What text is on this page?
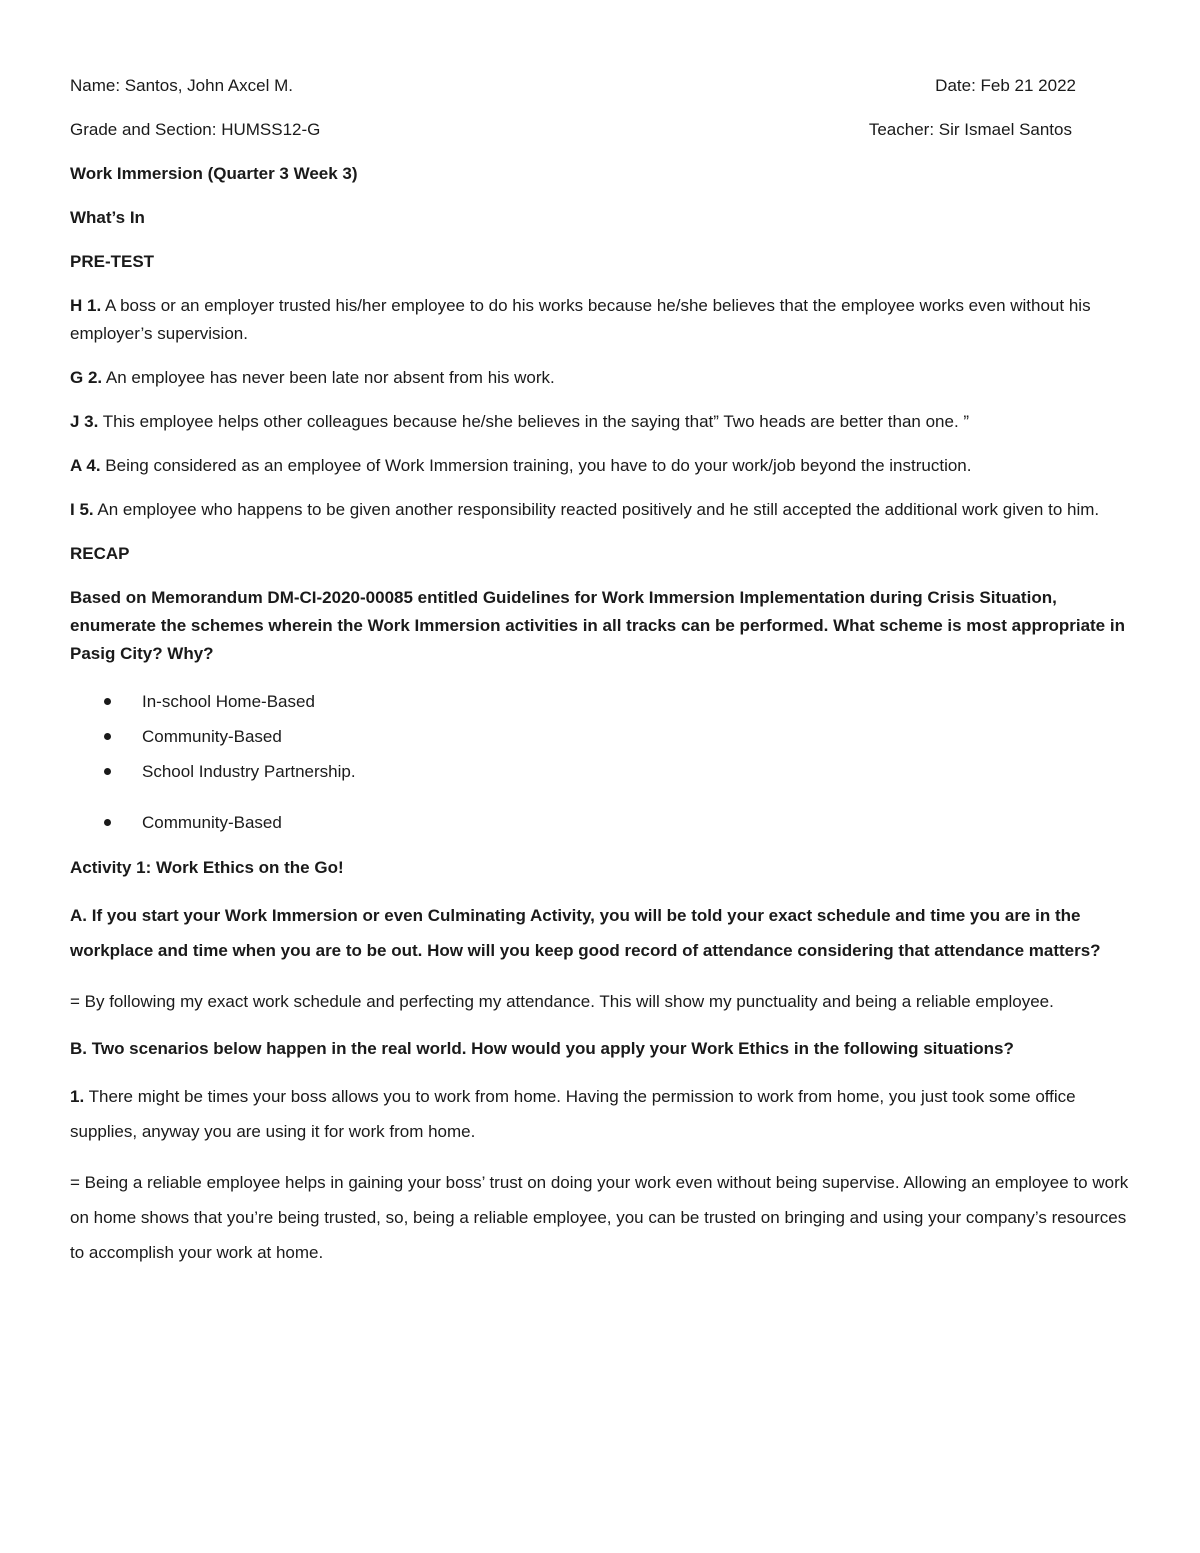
Name: Santos, John Axcel M.	Date: Feb 21 2022
Grade and Section: HUMSS12-G	Teacher: Sir Ismael Santos

Work Immersion (Quarter 3 Week 3)

What’s In

PRE-TEST

H 1. A boss or an employer trusted his/her employee to do his works because he/she believes that the employee works even without his employer’s supervision.

G 2. An employee has never been late nor absent from his work.

J 3. This employee helps other colleagues because he/she believes in the saying that” Two heads are better than one. ”

A 4. Being considered as an employee of Work Immersion training, you have to do your work/job beyond the instruction.

I 5. An employee who happens to be given another responsibility reacted positively and he still accepted the additional work given to him.

RECAP

Based on Memorandum DM-CI-2020-00085 entitled Guidelines for Work Immersion Implementation during Crisis Situation, enumerate the schemes wherein the Work Immersion activities in all tracks can be performed. What scheme is most appropriate in Pasig City? Why?

In-school Home-Based
Community-Based
School Industry Partnership.
Community-Based

Activity 1: Work Ethics on the Go!

A. If you start your Work Immersion or even Culminating Activity, you will be told your exact schedule and time you are in the workplace and time when you are to be out. How will you keep good record of attendance considering that attendance matters?

= By following my exact work schedule and perfecting my attendance. This will show my punctuality and being a reliable employee.

B. Two scenarios below happen in the real world. How would you apply your Work Ethics in the following situations?

1. There might be times your boss allows you to work from home. Having the permission to work from home, you just took some office supplies, anyway you are using it for work from home.

= Being a reliable employee helps in gaining your boss’ trust on doing your work even without being supervise. Allowing an employee to work on home shows that you’re being trusted, so, being a reliable employee, you can be trusted on bringing and using your company’s resources to accomplish your work at home.
